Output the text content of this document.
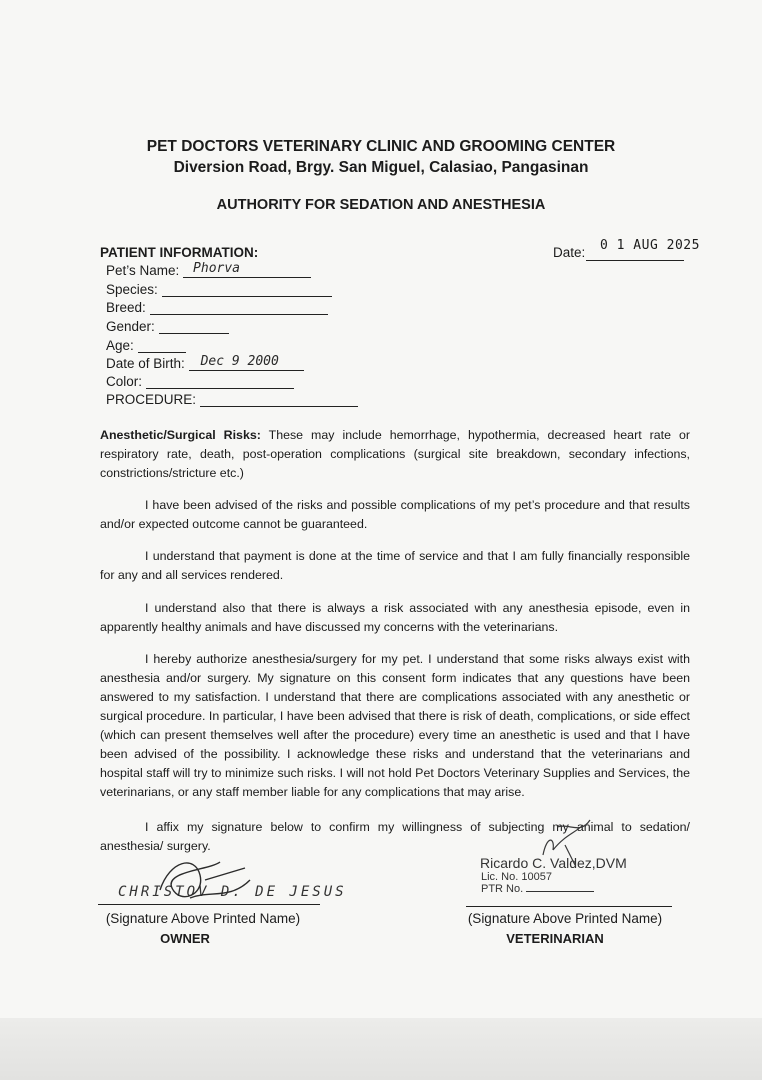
PET DOCTORS VETERINARY CLINIC AND GROOMING CENTER
Diversion Road, Brgy. San Miguel, Calasiao, Pangasinan
AUTHORITY FOR SEDATION AND ANESTHESIA
PATIENT INFORMATION:
Pet’s Name: Phorva
Species:
Breed:
Gender:
Age:
Date of Birth: Dec 9 2000
Color:
PROCEDURE:
Date: 0 1 AUG 2025

Anesthetic/Surgical Risks: These may include hemorrhage, hypothermia, decreased heart rate or respiratory rate, death, post-operation complications (surgical site breakdown, secondary infections, constrictions/stricture etc.)

I have been advised of the risks and possible complications of my pet’s procedure and that results and/or expected outcome cannot be guaranteed.

I understand that payment is done at the time of service and that I am fully financially responsible for any and all services rendered.

I understand also that there is always a risk associated with any anesthesia episode, even in apparently healthy animals and have discussed my concerns with the veterinarians.

I hereby authorize anesthesia/surgery for my pet. I understand that some risks always exist with anesthesia and/or surgery. My signature on this consent form indicates that any questions have been answered to my satisfaction. I understand that there are complications associated with any anesthetic or surgical procedure. In particular, I have been advised that there is risk of death, complications, or side effect (which can present themselves well after the procedure) every time an anesthetic is used and that I have been advised of the possibility. I acknowledge these risks and understand that the veterinarians and hospital staff will try to minimize such risks. I will not hold Pet Doctors Veterinary Supplies and Services, the veterinarians, or any staff member liable for any complications that may arise.

I affix my signature below to confirm my willingness of subjecting my animal to sedation/ anesthesia/ surgery.

CHRISTOV D. DE JESUS
(Signature Above Printed Name)
OWNER
Ricardo C. Valdez,DVM
Lic. No. 10057
PTR No.
(Signature Above Printed Name)
VETERINARIAN
